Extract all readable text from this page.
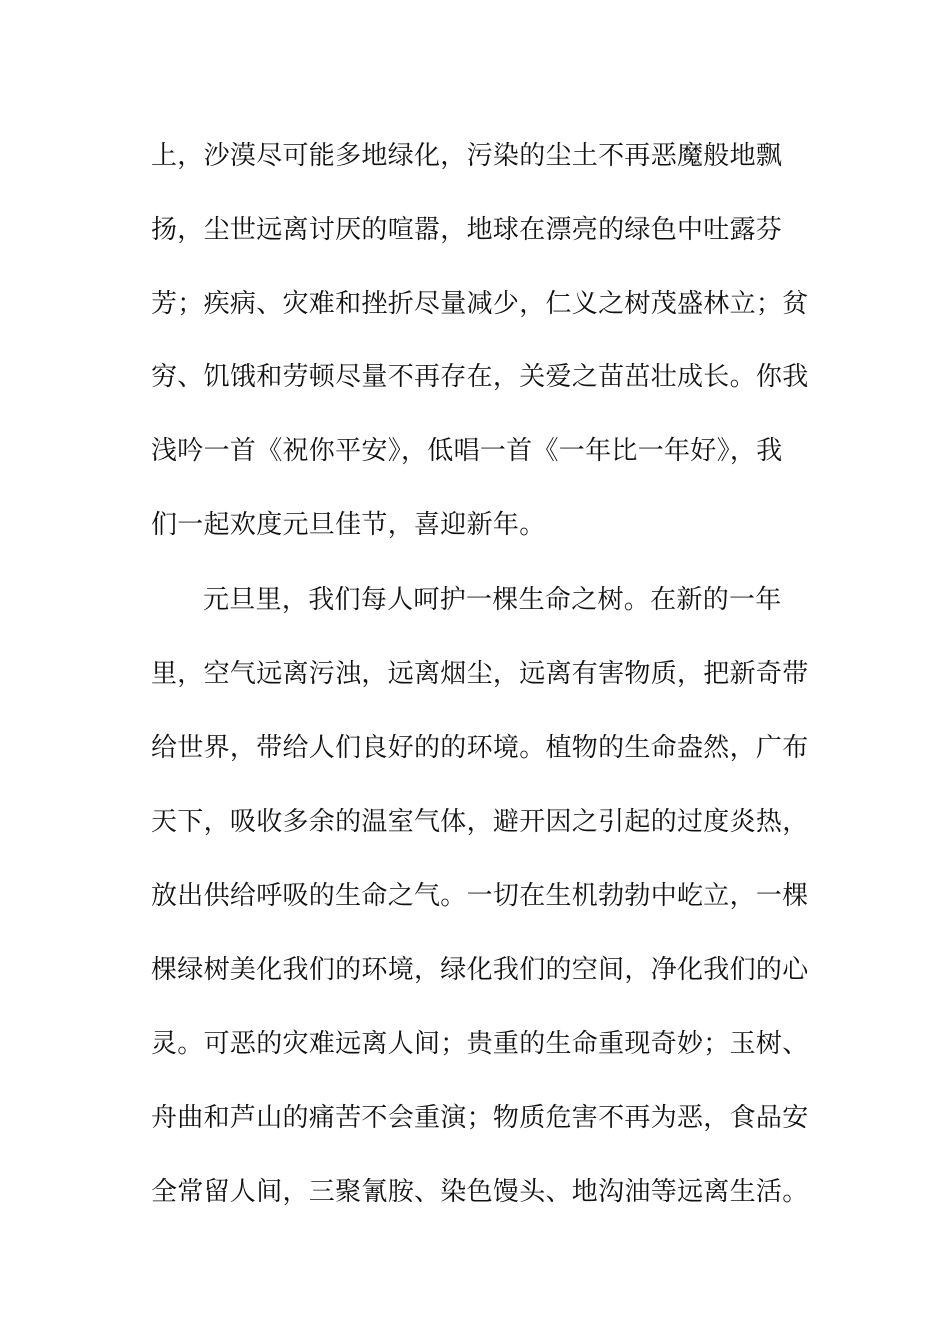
上，沙漠尽可能多地绿化，污染的尘土不再恶魔般地飘
扬，尘世远离讨厌的喧嚣，地球在漂亮的绿色中吐露芬
芳；疾病、灾难和挫折尽量减少，仁义之树茂盛林立；贫
穷、饥饿和劳顿尽量不再存在，关爱之苗茁壮成长。你我
浅吟一首《祝你平安》，低唱一首《一年比一年好》，我
们一起欢度元旦佳节，喜迎新年。
元旦里，我们每人呵护一棵生命之树。在新的一年
里，空气远离污浊，远离烟尘，远离有害物质，把新奇带
给世界，带给人们良好的的环境。植物的生命盎然，广布
天下，吸收多余的温室气体，避开因之引起的过度炎热，
放出供给呼吸的生命之气。一切在生机勃勃中屹立，一棵
棵绿树美化我们的环境，绿化我们的空间，净化我们的心
灵。可恶的灾难远离人间；贵重的生命重现奇妙；玉树、
舟曲和芦山的痛苦不会重演；物质危害不再为恶，食品安
全常留人间，三聚氰胺、染色馒头、地沟油等远离生活。
